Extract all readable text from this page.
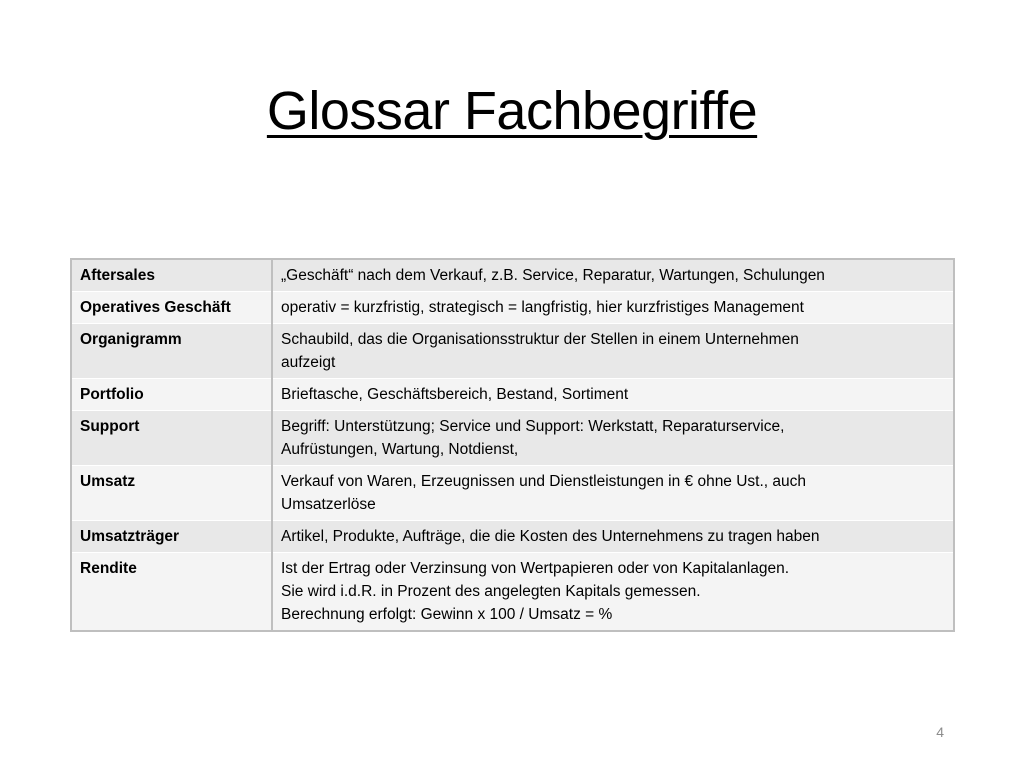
Glossar Fachbegriffe
Aftersales	„Geschäft“ nach dem Verkauf, z.B. Service, Reparatur, Wartungen, Schulungen

Operatives Geschäft	operativ = kurzfristig, strategisch = langfristig, hier kurzfristiges Management

Organigramm	Schaubild, das die Organisationsstruktur der Stellen in einem Unternehmen
aufzeigt

Portfolio	Brieftasche, Geschäftsbereich, Bestand, Sortiment

Support	Begriff: Unterstützung; Service und Support: Werkstatt, Reparaturservice,
Aufrüstungen, Wartung, Notdienst,

Umsatz	Verkauf von Waren, Erzeugnissen und Dienstleistungen in € ohne Ust., auch
Umsatzerlöse

Umsatzträger	Artikel, Produkte, Aufträge, die die Kosten des Unternehmens zu tragen haben

Rendite	Ist der Ertrag oder Verzinsung von Wertpapieren oder von Kapitalanlagen.
Sie wird i.d.R. in Prozent des angelegten Kapitals gemessen.
Berechnung erfolgt: Gewinn x 100 / Umsatz = %
4
